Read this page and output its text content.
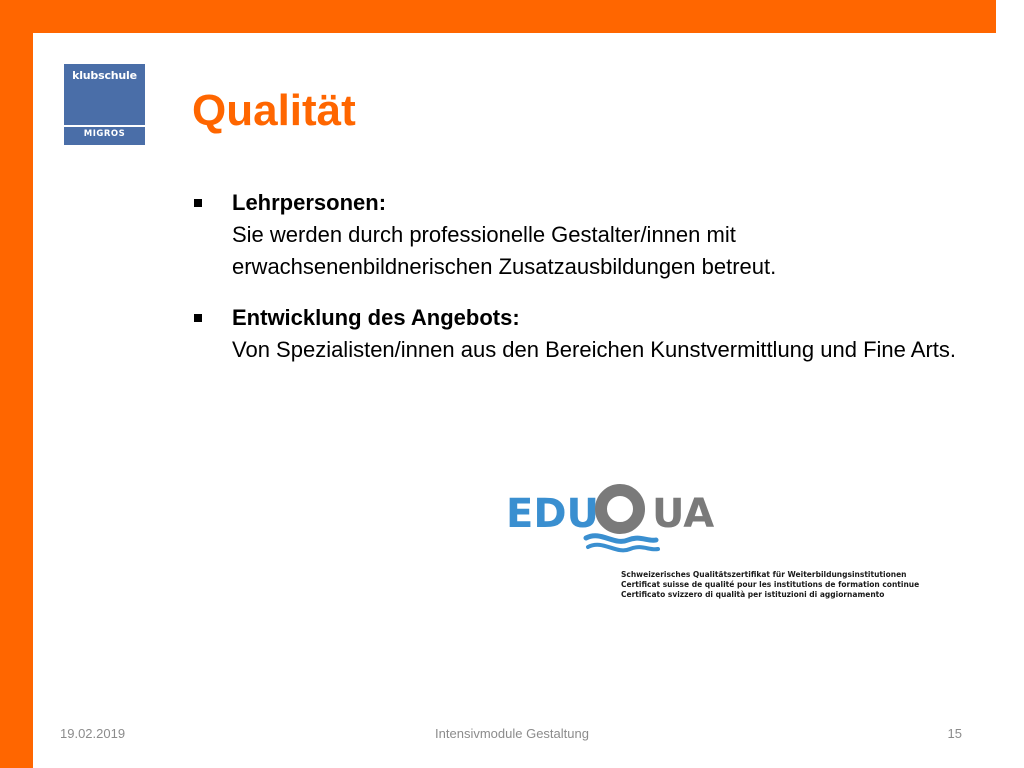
klubschule
MIGROS	Qualität
Lehrpersonen:
Sie werden durch professionelle Gestalter/innen mit erwachsenenbildnerischen Zusatzausbildungen betreut.
Entwicklung des Angebots:
Von Spezialisten/innen aus den Bereichen Kunstvermittlung und Fine Arts.
EDU UA
Schweizerisches Qualitätszertifikat für Weiterbildungsinstitutionen
Certificat suisse de qualité pour les institutions de formation continue
Certificato svizzero di qualità per istituzioni di aggiornamento
19.02.2019	Intensivmodule Gestaltung	15
